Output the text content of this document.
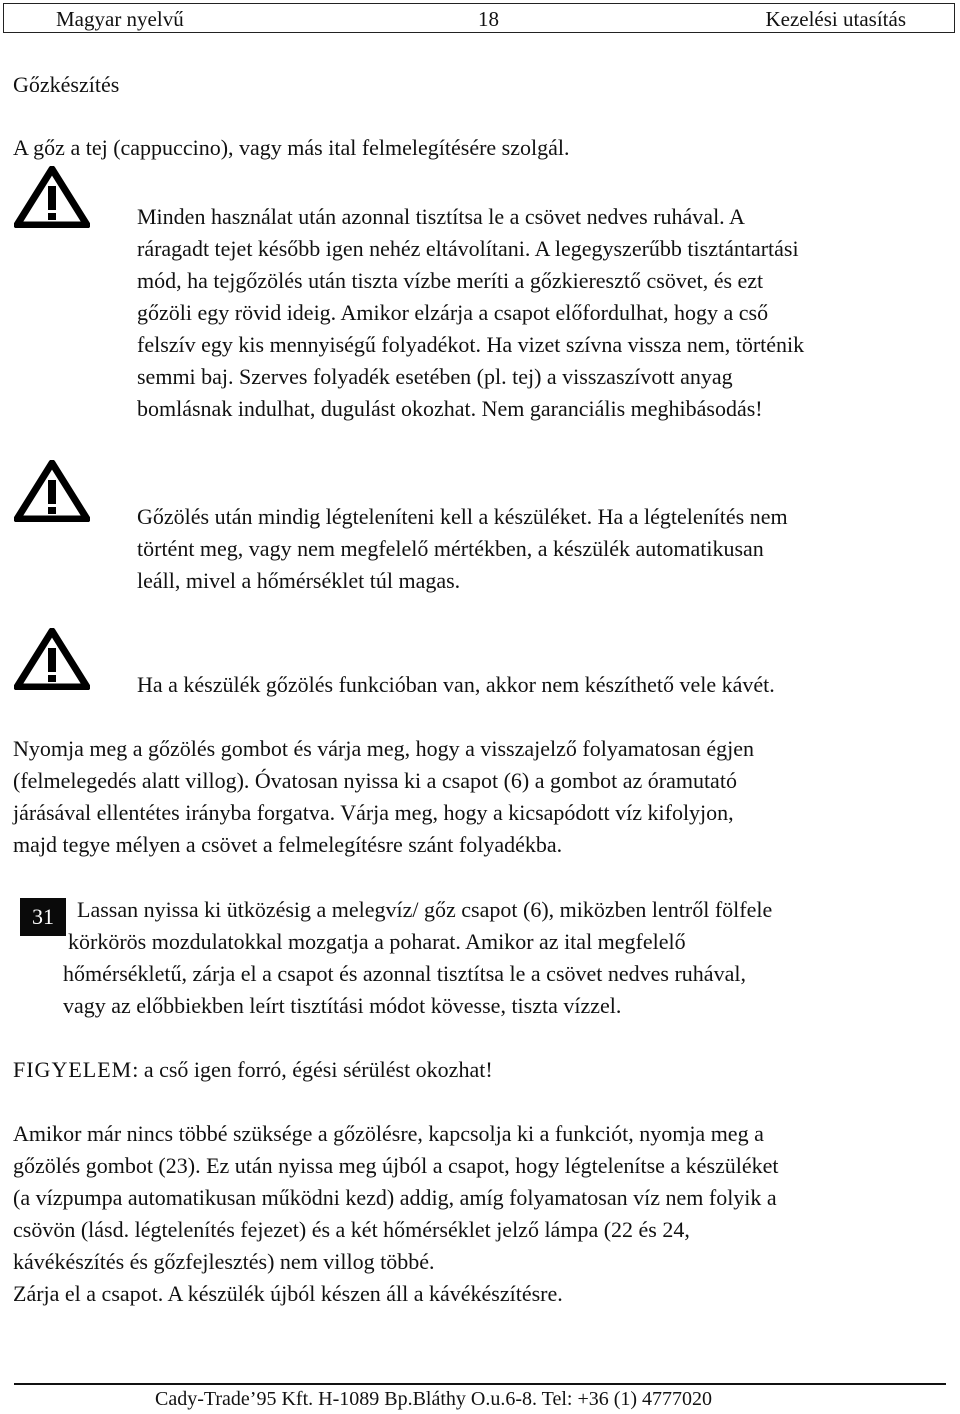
Magyar nyelvű	18	Kezelési utasítás
Gőzkészítés
A gőz a tej (cappuccino), vagy más ital felmelegítésére szolgál.
Minden használat után azonnal tisztítsa le a csövet nedves ruhával. A
ráragadt tejet később igen nehéz eltávolítani. A legegyszerűbb tisztántartási
mód, ha tejgőzölés után tiszta vízbe meríti a gőzkieresztő csövet, és ezt
gőzöli egy rövid ideig. Amikor elzárja a csapot előfordulhat, hogy a cső
felszív egy kis mennyiségű folyadékot. Ha vizet szívna vissza nem, történik
semmi baj. Szerves folyadék esetében (pl. tej) a visszaszívott anyag
bomlásnak indulhat, dugulást okozhat. Nem garanciális meghibásodás!
Gőzölés után mindig légteleníteni kell a készüléket. Ha a légtelenítés nem
történt meg, vagy nem megfelelő mértékben, a készülék automatikusan
leáll, mivel a hőmérséklet túl magas.
Ha a készülék gőzölés funkcióban van, akkor nem készíthető vele kávét.
Nyomja meg a gőzölés gombot és várja meg, hogy a visszajelző folyamatosan égjen
(felmelegedés alatt villog). Óvatosan nyissa ki a csapot (6) a gombot az óramutató
járásával ellentétes irányba forgatva. Várja meg, hogy a kicsapódott víz kifolyjon,
majd tegye mélyen a csövet a felmelegítésre szánt folyadékba.
31	Lassan nyissa ki ütközésig a melegvíz/ gőz csapot (6), miközben lentről fölfele
körkörös mozdulatokkal mozgatja a poharat. Amikor az ital megfelelő
hőmérsékletű, zárja el a csapot és azonnal tisztítsa le a csövet nedves ruhával,
vagy az előbbiekben leírt tisztítási módot kövesse, tiszta vízzel.
FIGYELEM: a cső igen forró, égési sérülést okozhat!
Amikor már nincs többé szüksége a gőzölésre, kapcsolja ki a funkciót, nyomja meg a
gőzölés gombot (23). Ez után nyissa meg újból a csapot, hogy légtelenítse a készüléket
(a vízpumpa automatikusan működni kezd) addig, amíg folyamatosan víz nem folyik a
csövön (lásd. légtelenítés fejezet) és a két hőmérséklet jelző lámpa (22 és 24,
kávékészítés és gőzfejlesztés) nem villog többé.
Zárja el a csapot. A készülék újból készen áll a kávékészítésre.
Cady-Trade’95 Kft. H-1089 Bp.Bláthy O.u.6-8. Tel: +36 (1) 4777020
